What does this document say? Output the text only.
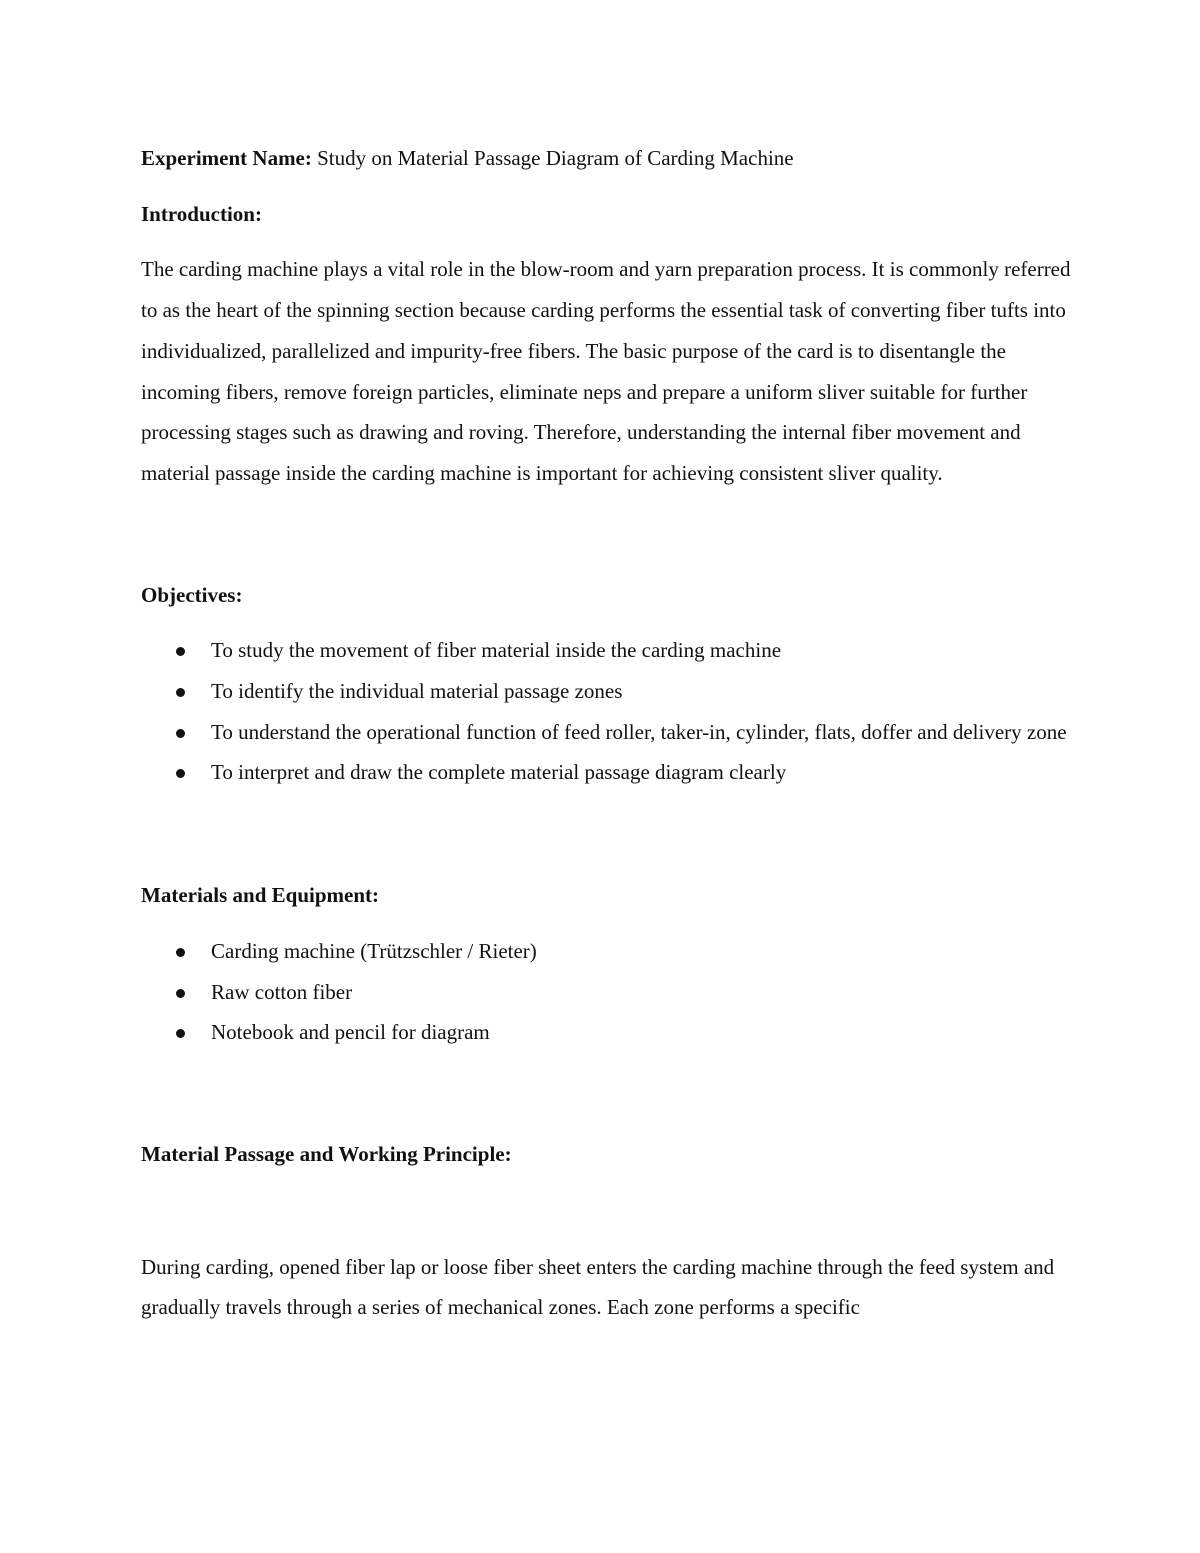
Experiment Name: Study on Material Passage Diagram of Carding Machine

Introduction:

The carding machine plays a vital role in the blow-room and yarn preparation process. It is commonly referred to as the heart of the spinning section because carding performs the essential task of converting fiber tufts into individualized, parallelized and impurity-free fibers. The basic purpose of the card is to disentangle the incoming fibers, remove foreign particles, eliminate neps and prepare a uniform sliver suitable for further processing stages such as drawing and roving. Therefore, understanding the internal fiber movement and material passage inside the carding machine is important for achieving consistent sliver quality.

Objectives:

To study the movement of fiber material inside the carding machine
To identify the individual material passage zones
To understand the operational function of feed roller, taker-in, cylinder, flats, doffer and delivery zone
To interpret and draw the complete material passage diagram clearly

Materials and Equipment:

Carding machine (Trützschler / Rieter)
Raw cotton fiber
Notebook and pencil for diagram

Material Passage and Working Principle:

During carding, opened fiber lap or loose fiber sheet enters the carding machine through the feed system and gradually travels through a series of mechanical zones. Each zone performs a specific
